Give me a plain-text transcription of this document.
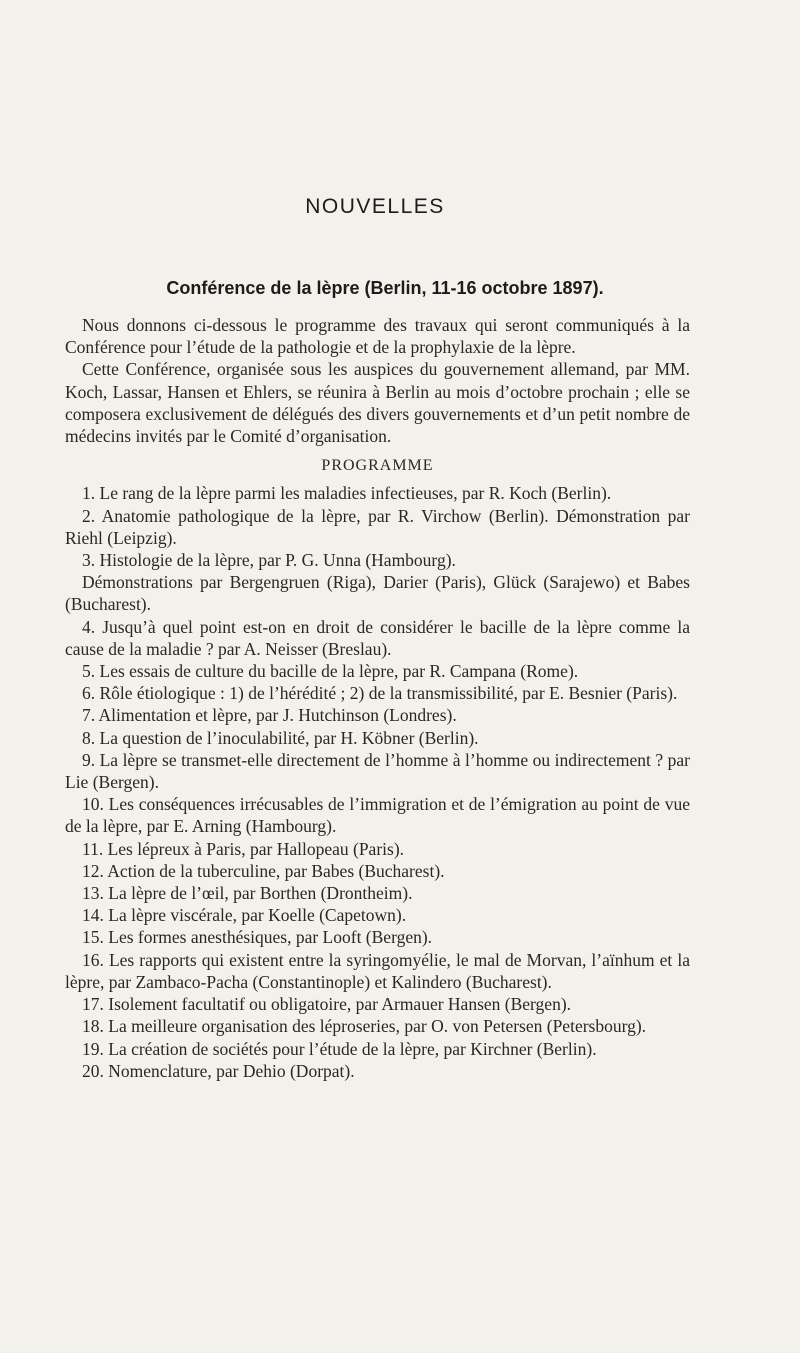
NOUVELLES
Conférence de la lèpre (Berlin, 11-16 octobre 1897).

Nous donnons ci-dessous le programme des travaux qui seront communiqués à la Conférence pour l’étude de la pathologie et de la prophylaxie de la lèpre.

Cette Conférence, organisée sous les auspices du gouvernement allemand, par MM. Koch, Lassar, Hansen et Ehlers, se réunira à Berlin au mois d’octobre prochain ; elle se composera exclusivement de délégués des divers gouvernements et d’un petit nombre de médecins invités par le Comité d’organisation.

PROGRAMME
1. Le rang de la lèpre parmi les maladies infectieuses, par R. Koch (Berlin).
2. Anatomie pathologique de la lèpre, par R. Virchow (Berlin). Démonstration par Riehl (Leipzig).
3. Histologie de la lèpre, par P. G. Unna (Hambourg).
Démonstrations par Bergengruen (Riga), Darier (Paris), Glück (Sarajewo) et Babes (Bucharest).
4. Jusqu’à quel point est-on en droit de considérer le bacille de la lèpre comme la cause de la maladie ? par A. Neisser (Breslau).
5. Les essais de culture du bacille de la lèpre, par R. Campana (Rome).
6. Rôle étiologique : 1) de l’hérédité ; 2) de la transmissibilité, par E. Besnier (Paris).
7. Alimentation et lèpre, par J. Hutchinson (Londres).
8. La question de l’inoculabilité, par H. Köbner (Berlin).
9. La lèpre se transmet-elle directement de l’homme à l’homme ou indirectement ? par Lie (Bergen).
10. Les conséquences irrécusables de l’immigration et de l’émigration au point de vue de la lèpre, par E. Arning (Hambourg).
11. Les lépreux à Paris, par Hallopeau (Paris).
12. Action de la tuberculine, par Babes (Bucharest).
13. La lèpre de l’œil, par Borthen (Drontheim).
14. La lèpre viscérale, par Koelle (Capetown).
15. Les formes anesthésiques, par Looft (Bergen).
16. Les rapports qui existent entre la syringomyélie, le mal de Morvan, l’aïnhum et la lèpre, par Zambaco-Pacha (Constantinople) et Kalindero (Bucharest).
17. Isolement facultatif ou obligatoire, par Armauer Hansen (Bergen).
18. La meilleure organisation des léproseries, par O. von Petersen (Petersbourg).
19. La création de sociétés pour l’étude de la lèpre, par Kirchner (Berlin).
20. Nomenclature, par Dehio (Dorpat).
